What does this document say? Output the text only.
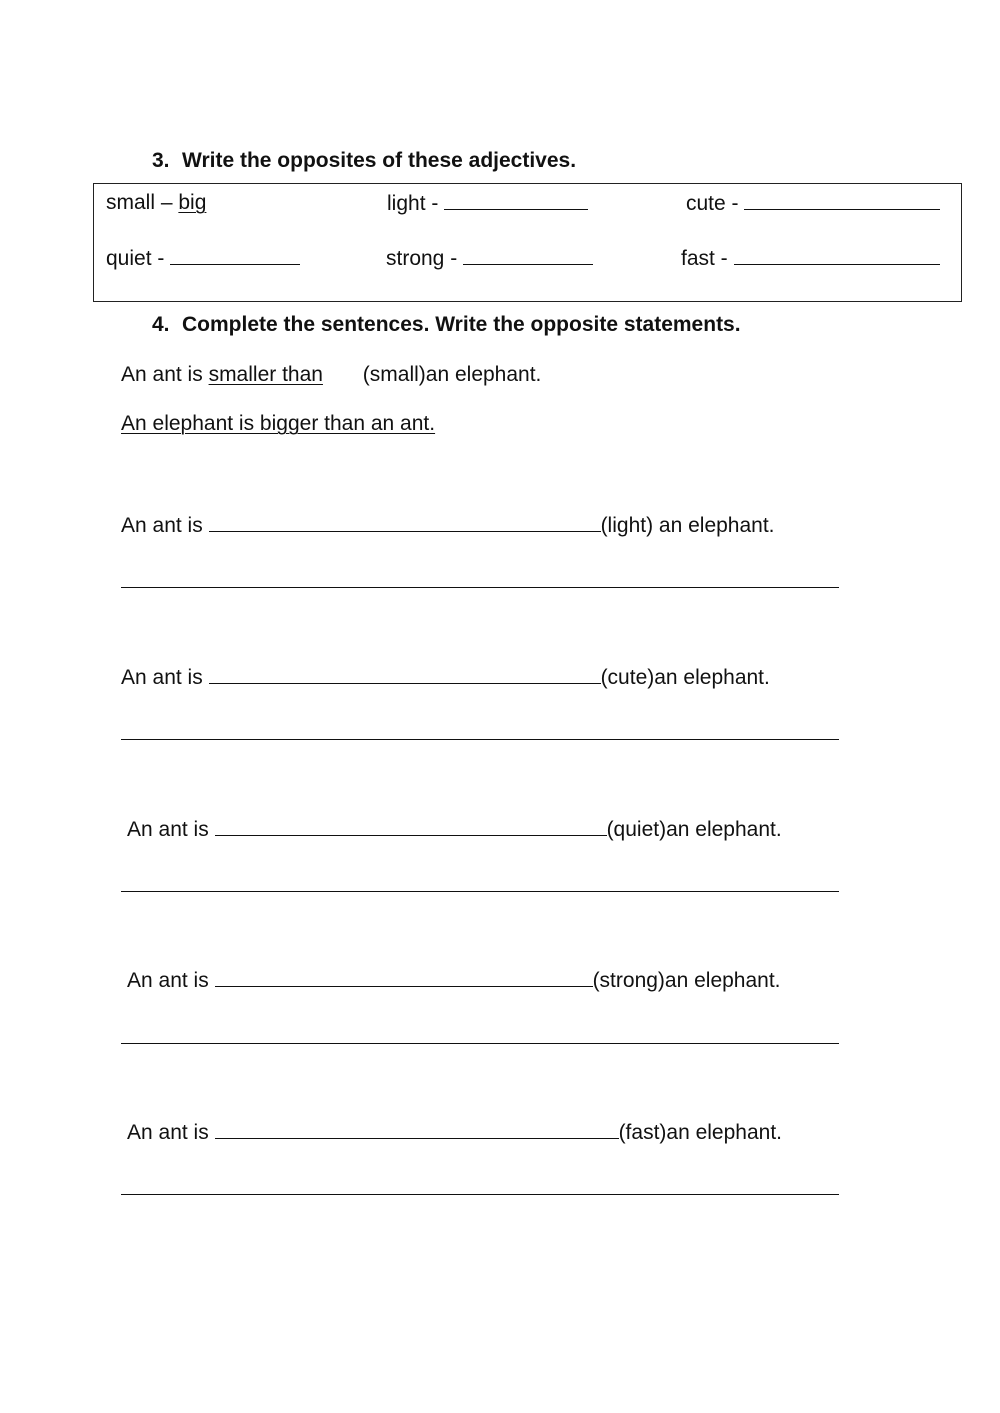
3. Write the opposites of these adjectives.
small – big	light -	cute -
quiet -	strong -	fast -
4. Complete the sentences. Write the opposite statements.
An ant is smaller than (small)an elephant.
An elephant is bigger than an ant.
An ant is	(light) an elephant.
An ant is	(cute)an elephant.
An ant is	(quiet)an elephant.
An ant is	(strong)an elephant.
An ant is	(fast)an elephant.
